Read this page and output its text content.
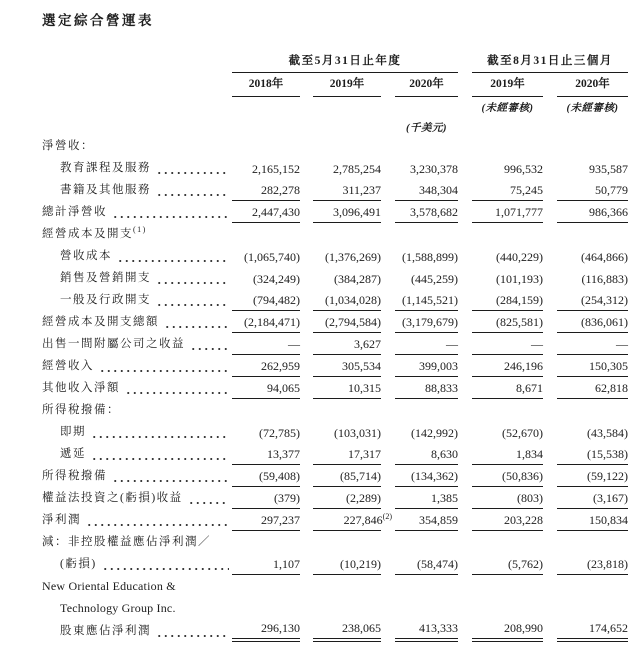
選定綜合營運表

	截至5月31日止年度			截至8月31日止三個月	

	2018年	2019年	2020年	2019年	2020年

				(未經審核)	(未經審核)

			(千美元)		

淨營收：					

教育課程及服務	2,165,152	2,785,254	3,230,378	996,532	935,587

書籍及其他服務	282,278	311,237	348,304	75,245	50,779

總計淨營收	2,447,430	3,096,491	3,578,682	1,071,777	986,366

經營成本及開支$^{(1)}$

營收成本	(1,065,740)	(1,376,269)	(1,588,899)	(440,229)	(464,866)

銷售及營銷開支	(324,249)	(384,287)	(445,259)	(101,193)	(116,883)

一般及行政開支	(794,482)	(1,034,028)	(1,145,521)	(284,159)	(254,312)

經營成本及開支總額	(2,184,471)	(2,794,584)	(3,179,679)	(825,581)	(836,061)

出售一間附屬公司之收益	—	3,627	—	—	—

經營收入	262,959	305,534	399,003	246,196	150,305

其他收入淨額	94,065	10,315	88,833	8,671	62,818

所得稅撥備：					

即期	(72,785)	(103,031)	(142,992)	(52,670)	(43,584)

遞延	13,377	17,317	8,630	1,834	(15,538)

所得稅撥備	(59,408)	(85,714)	(134,362)	(50,836)	(59,122)

權益法投資之(虧損)收益	(379)	(2,289)	1,385	(803)	(3,167)

淨利潤	297,237	227,846$^{(2)}$	354,859	203,228	150,834

減：非控股權益應佔淨利潤／					

(虧損)	1,107	(10,219)	(58,474)	(5,762)	(23,818)

New Oriental Education &					

Technology Group Inc.					

股東應佔淨利潤	296,130	238,065	413,333	208,990	174,652
